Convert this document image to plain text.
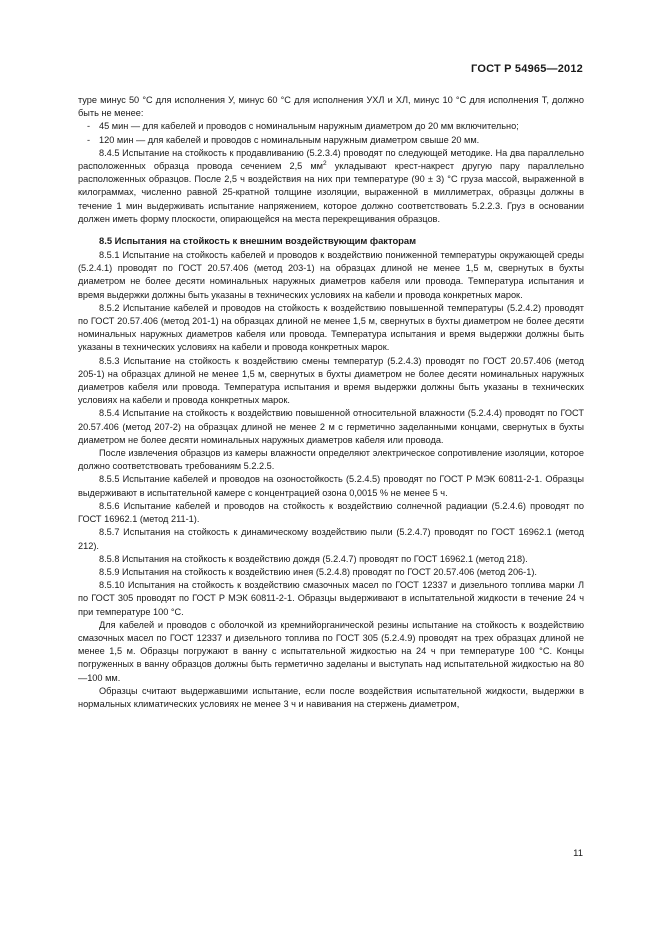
ГОСТ Р 54965—2012

туре минус 50 °C для исполнения У, минус 60 °C для исполнения УХЛ и ХЛ, минус 10 °C для исполнения Т, должно быть не менее:

- 45 мин — для кабелей и проводов с номинальным наружным диаметром до 20 мм включительно;

- 120 мин — для кабелей и проводов с номинальным наружным диаметром свыше 20 мм.

8.4.5 Испытание на стойкость к продавливанию (5.2.3.4) проводят по следующей методике. На два параллельно расположенных образца провода сечением 2,5 $мм^2$ укладывают крест-накрест другую пару параллельно расположенных образцов. После 2,5 ч воздействия на них при температуре (90 ± 3) °C груза массой, выраженной в килограммах, численно равной 25-кратной толщине изоляции, выраженной в миллиметрах, образцы должны в течение 1 мин выдерживать испытание напряжением, которое должно соответствовать 5.2.2.3. Груз в основании должен иметь форму плоскости, опирающейся на места перекрещивания образцов.

8.5 Испытания на стойкость к внешним воздействующим факторам

8.5.1 Испытание на стойкость кабелей и проводов к воздействию пониженной температуры окружающей среды (5.2.4.1) проводят по ГОСТ 20.57.406 (метод 203-1) на образцах длиной не менее 1,5 м, свернутых в бухты диаметром не более десяти номинальных наружных диаметров кабеля или провода. Температура испытания и время выдержки должны быть указаны в технических условиях на кабели и провода конкретных марок.

8.5.2 Испытание кабелей и проводов на стойкость к воздействию повышенной температуры (5.2.4.2) проводят по ГОСТ 20.57.406 (метод 201-1) на образцах длиной не менее 1,5 м, свернутых в бухты диаметром не более десяти номинальных наружных диаметров кабеля или провода. Температура испытания и время выдержки должны быть указаны в технических условиях на кабели и провода конкретных марок.

8.5.3 Испытание на стойкость к воздействию смены температур (5.2.4.3) проводят по ГОСТ 20.57.406 (метод 205-1) на образцах длиной не менее 1,5 м, свернутых в бухты диаметром не более десяти номинальных наружных диаметров кабеля или провода. Температура испытания и время выдержки должны быть указаны в технических условиях на кабели и провода конкретных марок.

8.5.4 Испытание на стойкость к воздействию повышенной относительной влажности (5.2.4.4) проводят по ГОСТ 20.57.406 (метод 207-2) на образцах длиной не менее 2 м с герметично заделанными концами, свернутых в бухты диаметром не более десяти номинальных наружных диаметров кабеля или провода.

После извлечения образцов из камеры влажности определяют электрическое сопротивление изоляции, которое должно соответствовать требованиям 5.2.2.5.

8.5.5 Испытание кабелей и проводов на озоностойкость (5.2.4.5) проводят по ГОСТ Р МЭК 60811-2-1. Образцы выдерживают в испытательной камере с концентрацией озона 0,0015 % не менее 5 ч.

8.5.6 Испытание кабелей и проводов на стойкость к воздействию солнечной радиации (5.2.4.6) проводят по ГОСТ 16962.1 (метод 211-1).

8.5.7 Испытания на стойкость к динамическому воздействию пыли (5.2.4.7) проводят по ГОСТ 16962.1 (метод 212).

8.5.8 Испытания на стойкость к воздействию дождя (5.2.4.7) проводят по ГОСТ 16962.1 (метод 218).

8.5.9 Испытания на стойкость к воздействию инея (5.2.4.8) проводят по ГОСТ 20.57.406 (метод 206-1).

8.5.10 Испытания на стойкость к воздействию смазочных масел по ГОСТ 12337 и дизельного топлива марки Л по ГОСТ 305 проводят по ГОСТ Р МЭК 60811-2-1. Образцы выдерживают в испытательной жидкости в течение 24 ч при температуре 100 °C.

Для кабелей и проводов с оболочкой из кремнийорганической резины испытание на стойкость к воздействию смазочных масел по ГОСТ 12337 и дизельного топлива по ГОСТ 305 (5.2.4.9) проводят на трех образцах длиной не менее 1,5 м. Образцы погружают в ванну с испытательной жидкостью на 24 ч при температуре 100 °C. Концы погруженных в ванну образцов должны быть герметично заделаны и выступать над испытательной жидкостью на 80—100 мм.

Образцы считают выдержавшими испытание, если после воздействия испытательной жидкости, выдержки в нормальных климатических условиях не менее 3 ч и навивания на стержень диаметром,

11
